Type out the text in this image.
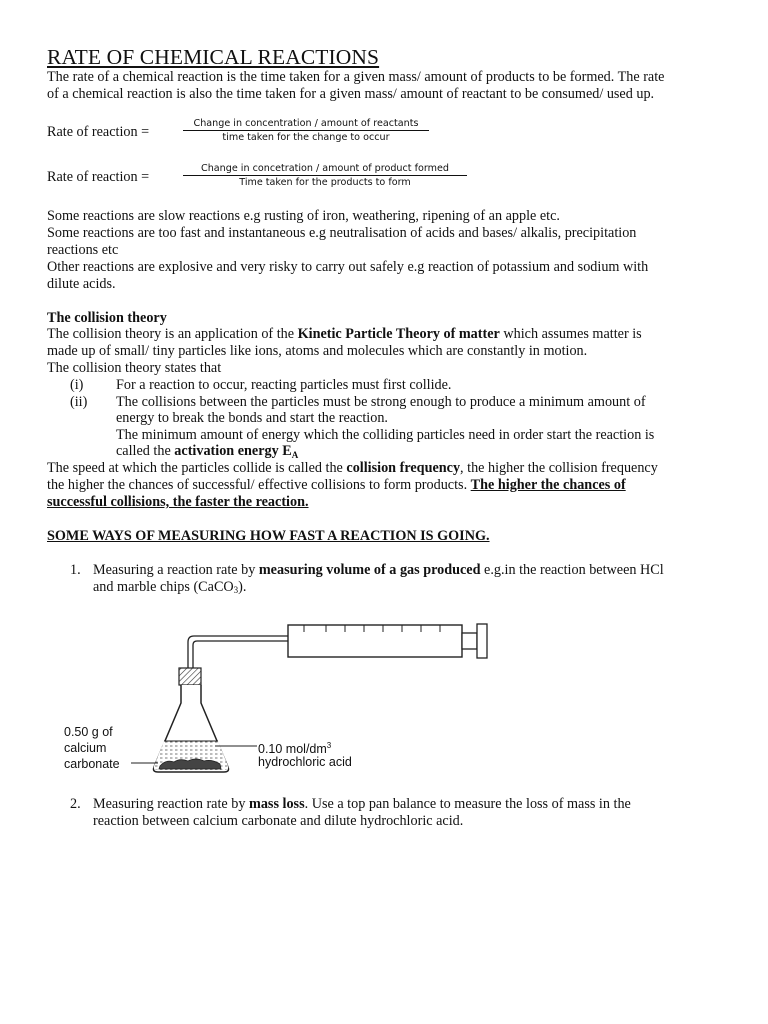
RATE OF CHEMICAL REACTIONS
The rate of a chemical reaction is the time taken for a given mass/ amount of products to be formed. The rate
of a chemical reaction is also the time taken for a given mass/ amount of reactant to be consumed/ used up.
Rate of reaction =
Change in concentration / amount of reactants
time taken for the change to occur
Rate of reaction =
Change in concetration / amount of product formed
Time taken for the products to form
Some reactions are slow reactions e.g rusting of iron, weathering, ripening of an apple etc.
Some reactions are too fast and instantaneous e.g neutralisation of acids and bases/ alkalis, precipitation
reactions etc
Other reactions are explosive and very risky to carry out safely e.g reaction of potassium and sodium with
dilute acids.
The collision theory
The collision theory is an application of the Kinetic Particle Theory of matter which assumes matter is
made up of small/ tiny particles like ions, atoms and molecules which are constantly in motion.
The collision theory states that
(i) For a reaction to occur, reacting particles must first collide.
(ii) The collisions between the particles must be strong enough to produce a minimum amount of
energy to break the bonds and start the reaction.
The minimum amount of energy which the colliding particles need in order start the reaction is
called the activation energy $E_A$
The speed at which the particles collide is called the collision frequency, the higher the collision frequency
the higher the chances of successful/ effective collisions to form products. The higher the chances of
successful collisions, the faster the reaction.
SOME WAYS OF MEASURING HOW FAST A REACTION IS GOING.
1. Measuring a reaction rate by measuring volume of a gas produced e.g.in the reaction between HCl
and marble chips (CaCO3).
0.50 g of
calcium
carbonate
0.10 mol/$dm^3$
hydrochloric acid
2. Measuring reaction rate by mass loss. Use a top pan balance to measure the loss of mass in the
reaction between calcium carbonate and dilute hydrochloric acid.
